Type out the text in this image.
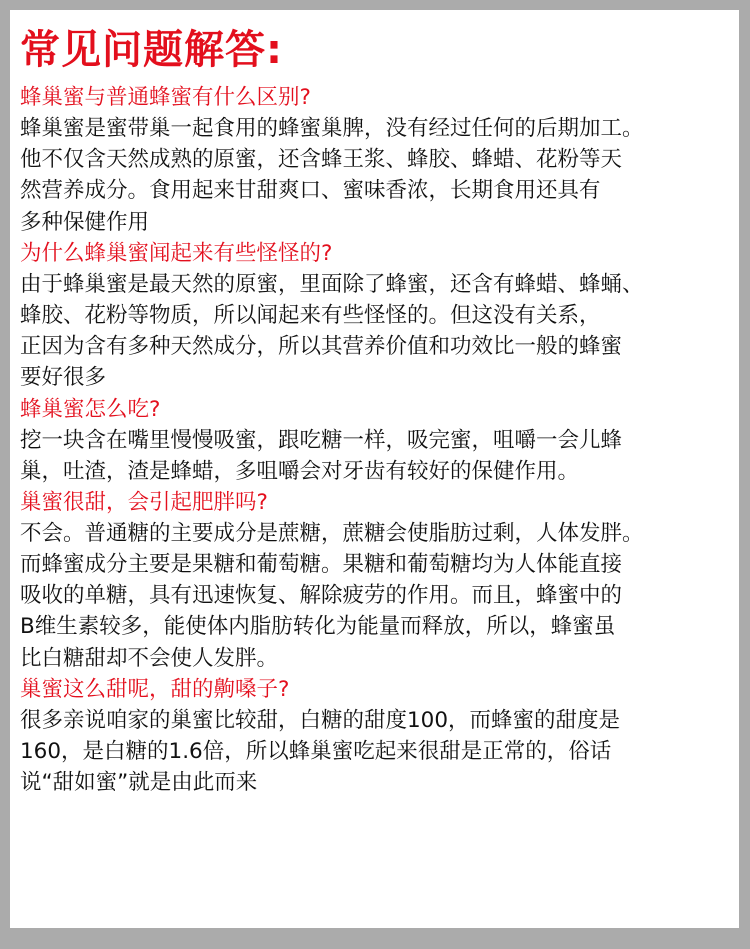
常见问题解答:
蜂巢蜜与普通蜂蜜有什么区别?
蜂巢蜜是蜜带巢一起食用的蜂蜜巢脾，没有经过任何的后期加工。
他不仅含天然成熟的原蜜，还含蜂王浆、蜂胶、蜂蜡、花粉等天
然营养成分。食用起来甘甜爽口、蜜味香浓，长期食用还具有
多种保健作用
为什么蜂巢蜜闻起来有些怪怪的?
由于蜂巢蜜是最天然的原蜜，里面除了蜂蜜，还含有蜂蜡、蜂蛹、
蜂胶、花粉等物质，所以闻起来有些怪怪的。但这没有关系，
正因为含有多种天然成分，所以其营养价值和功效比一般的蜂蜜
要好很多
蜂巢蜜怎么吃?
挖一块含在嘴里慢慢吸蜜，跟吃糖一样，吸完蜜，咀嚼一会儿蜂
巢，吐渣，渣是蜂蜡，多咀嚼会对牙齿有较好的保健作用。
巢蜜很甜，会引起肥胖吗?
不会。普通糖的主要成分是蔗糖，蔗糖会使脂肪过剩，人体发胖。
而蜂蜜成分主要是果糖和葡萄糖。果糖和葡萄糖均为人体能直接
吸收的单糖，具有迅速恢复、解除疲劳的作用。而且，蜂蜜中的
B维生素较多，能使体内脂肪转化为能量而释放，所以，蜂蜜虽
比白糖甜却不会使人发胖。
巢蜜这么甜呢，甜的齁嗓子?
很多亲说咱家的巢蜜比较甜，白糖的甜度100，而蜂蜜的甜度是
160，是白糖的1.6倍，所以蜂巢蜜吃起来很甜是正常的，俗话
说“甜如蜜”就是由此而来
